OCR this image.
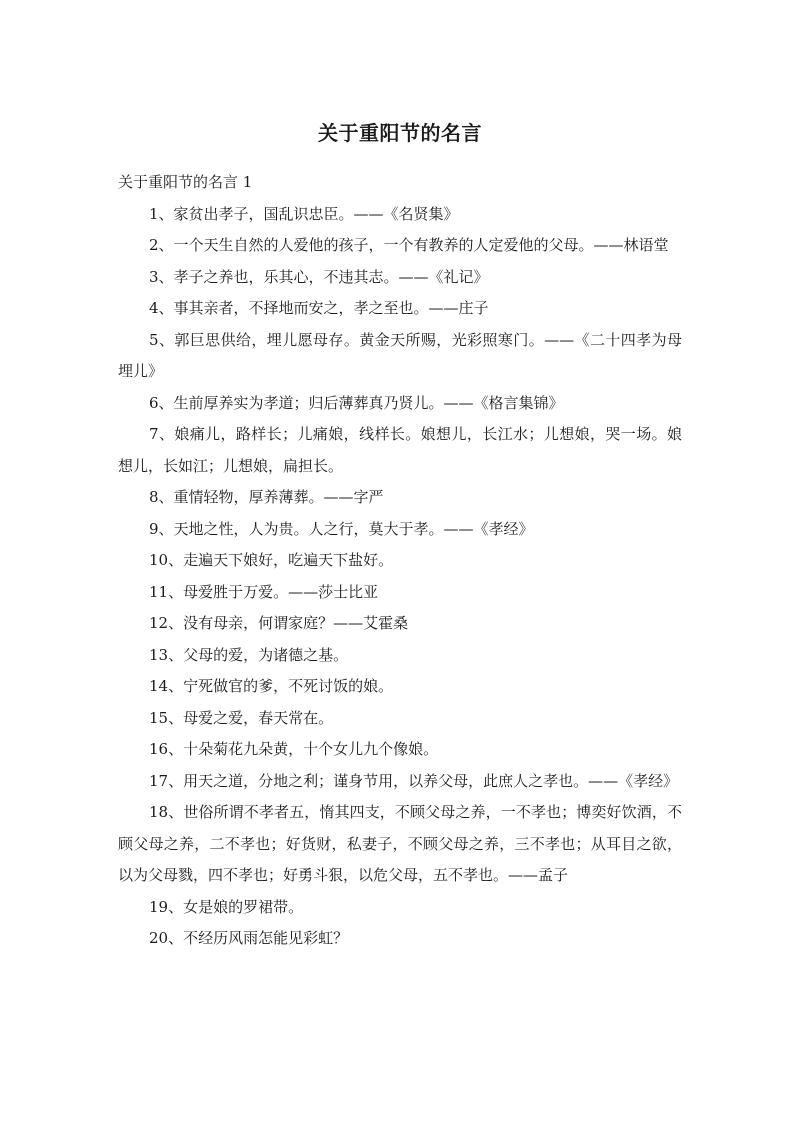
关于重阳节的名言

关于重阳节的名言 1

1、家贫出孝子，国乱识忠臣。——《名贤集》
2、一个天生自然的人爱他的孩子，一个有教养的人定爱他的父母。——林语堂
3、孝子之养也，乐其心，不违其志。——《礼记》
4、事其亲者，不择地而安之，孝之至也。——庄子
5、郭巨思供给，埋儿愿母存。黄金天所赐，光彩照寒门。——《二十四孝为母埋儿》
6、生前厚养实为孝道；归后薄葬真乃贤儿。——《格言集锦》
7、娘痛儿，路样长；儿痛娘，线样长。娘想儿，长江水；儿想娘，哭一场。娘想儿，长如江；儿想娘，扁担长。
8、重情轻物，厚养薄葬。——字严
9、天地之性，人为贵。人之行，莫大于孝。——《孝经》
10、走遍天下娘好，吃遍天下盐好。
11、母爱胜于万爱。——莎士比亚
12、没有母亲，何谓家庭？——艾霍桑
13、父母的爱，为诸德之基。
14、宁死做官的爹，不死讨饭的娘。
15、母爱之爱，春天常在。
16、十朵菊花九朵黄，十个女儿九个像娘。
17、用天之道，分地之利；谨身节用，以养父母，此庶人之孝也。——《孝经》
18、世俗所谓不孝者五，惰其四支，不顾父母之养，一不孝也；博奕好饮酒，不顾父母之养，二不孝也；好货财，私妻子，不顾父母之养，三不孝也；从耳目之欲，以为父母戮，四不孝也；好勇斗狠，以危父母，五不孝也。——孟子
19、女是娘的罗裙带。
20、不经历风雨怎能见彩虹？
